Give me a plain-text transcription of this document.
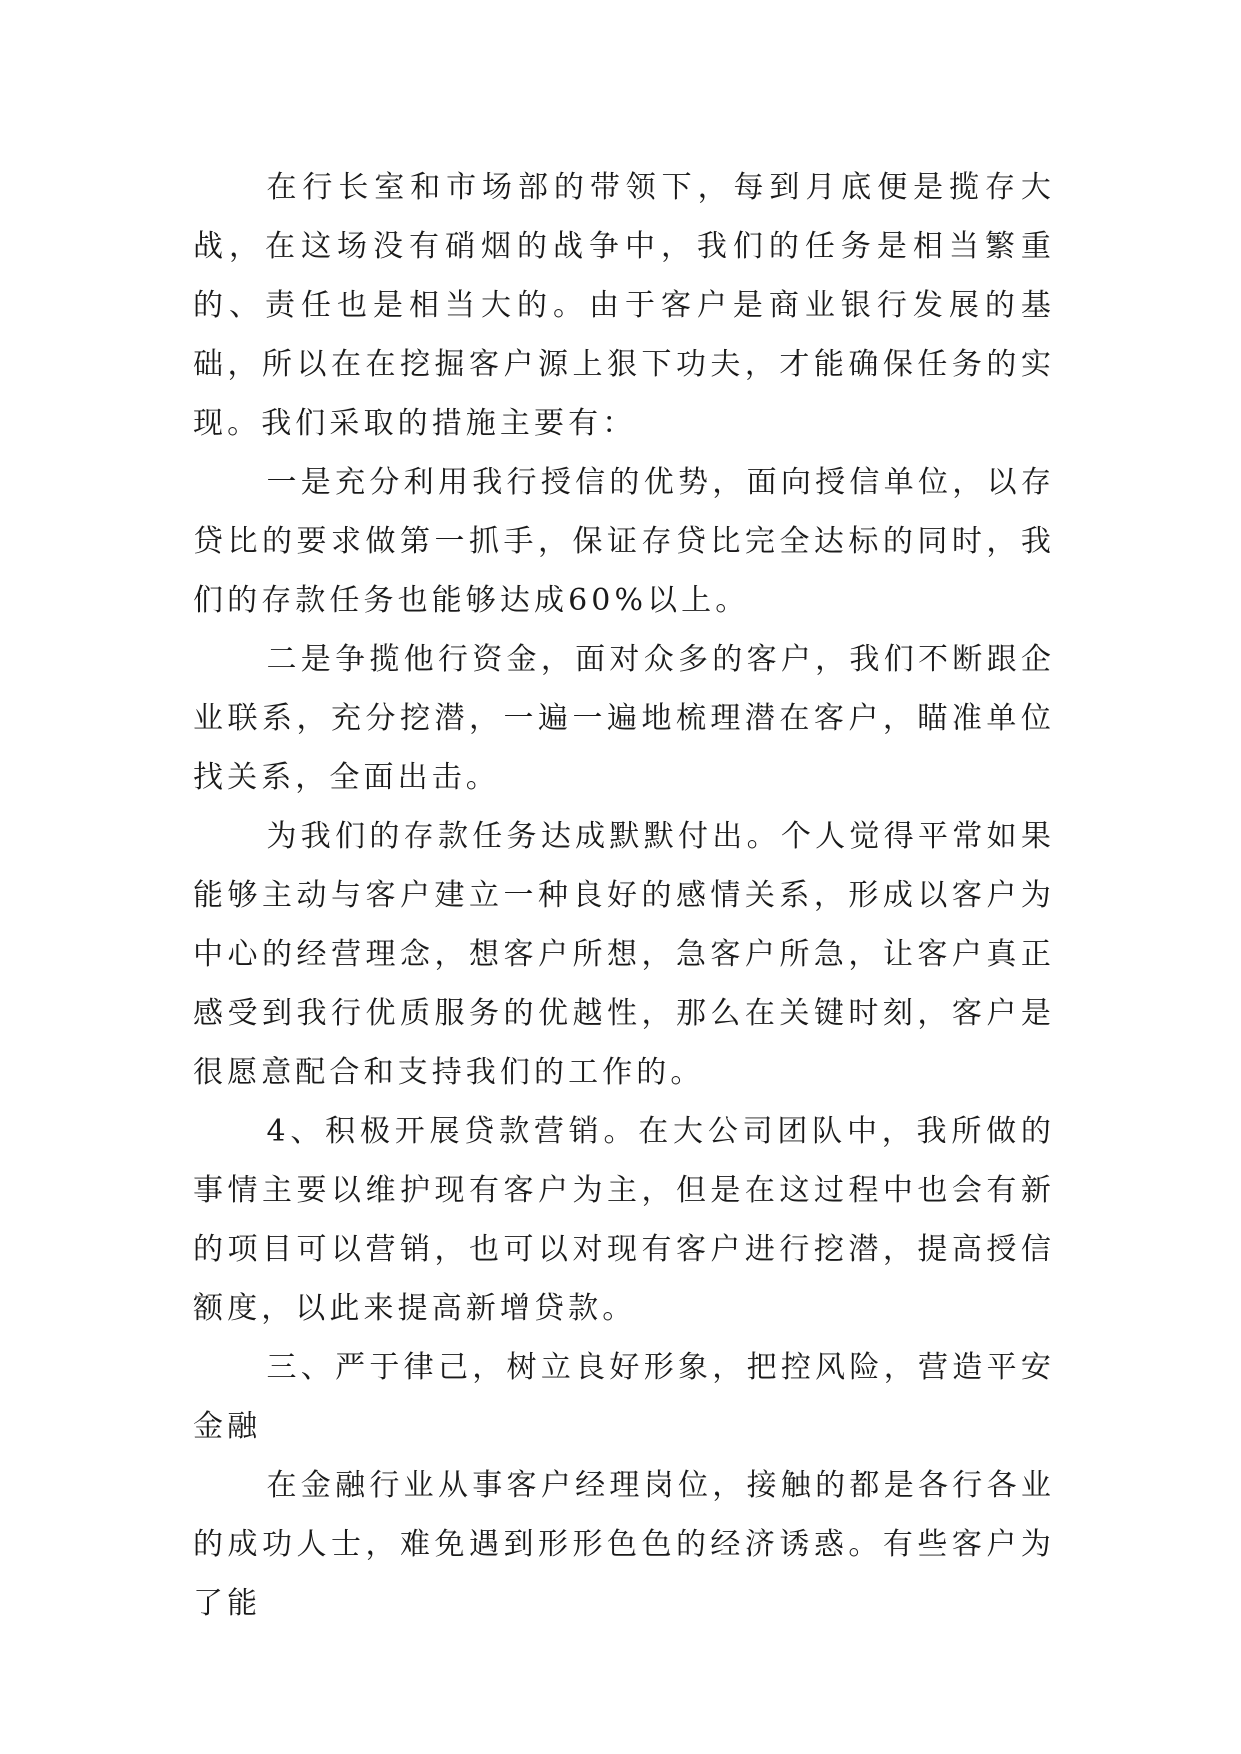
在行长室和市场部的带领下，每到月底便是揽存大战，在这场没有硝烟的战争中，我们的任务是相当繁重的、责任也是相当大的。由于客户是商业银行发展的基础，所以在在挖掘客户源上狠下功夫，才能确保任务的实现。我们采取的措施主要有：

一是充分利用我行授信的优势，面向授信单位，以存贷比的要求做第一抓手，保证存贷比完全达标的同时，我们的存款任务也能够达成60%以上。

二是争揽他行资金，面对众多的客户，我们不断跟企业联系，充分挖潜，一遍一遍地梳理潜在客户，瞄准单位找关系，全面出击。

为我们的存款任务达成默默付出。个人觉得平常如果能够主动与客户建立一种良好的感情关系，形成以客户为中心的经营理念，想客户所想，急客户所急，让客户真正感受到我行优质服务的优越性，那么在关键时刻，客户是很愿意配合和支持我们的工作的。

4、积极开展贷款营销。在大公司团队中，我所做的事情主要以维护现有客户为主，但是在这过程中也会有新的项目可以营销，也可以对现有客户进行挖潜，提高授信额度，以此来提高新增贷款。

三、严于律己，树立良好形象，把控风险，营造平安金融

在金融行业从事客户经理岗位，接触的都是各行各业的成功人士，难免遇到形形色色的经济诱惑。有些客户为了能
